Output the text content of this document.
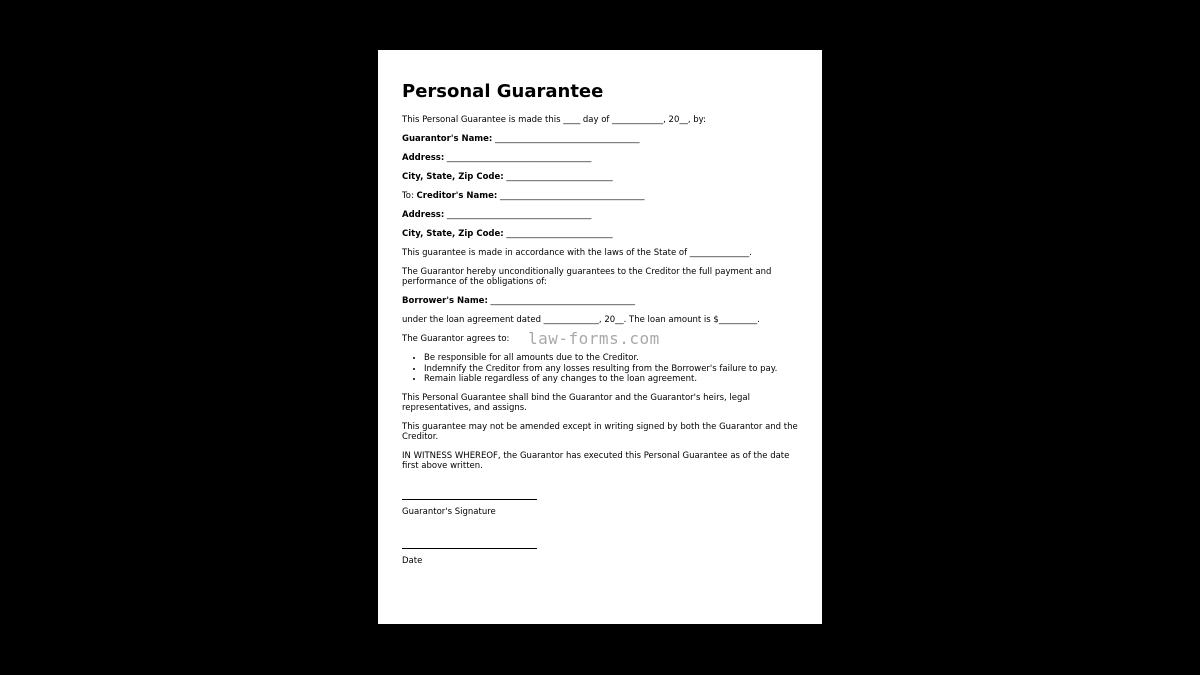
Personal Guarantee

This Personal Guarantee is made this ____ day of ____________, 20__, by:

Guarantor's Name: __________________________________

Address: __________________________________

City, State, Zip Code: _________________________

To: Creditor's Name: __________________________________

Address: __________________________________

City, State, Zip Code: _________________________

This guarantee is made in accordance with the laws of the State of ______________.

The Guarantor hereby unconditionally guarantees to the Creditor the full payment and performance of the obligations of:

Borrower's Name: __________________________________

under the loan agreement dated _____________, 20__. The loan amount is $_________.

The Guarantor agrees to:

• Be responsible for all amounts due to the Creditor.
• Indemnify the Creditor from any losses resulting from the Borrower's failure to pay.
• Remain liable regardless of any changes to the loan agreement.

This Personal Guarantee shall bind the Guarantor and the Guarantor's heirs, legal representatives, and assigns.

This guarantee may not be amended except in writing signed by both the Guarantor and the Creditor.

IN WITNESS WHEREOF, the Guarantor has executed this Personal Guarantee as of the date first above written.

Guarantor's Signature

Date

law-forms.com
